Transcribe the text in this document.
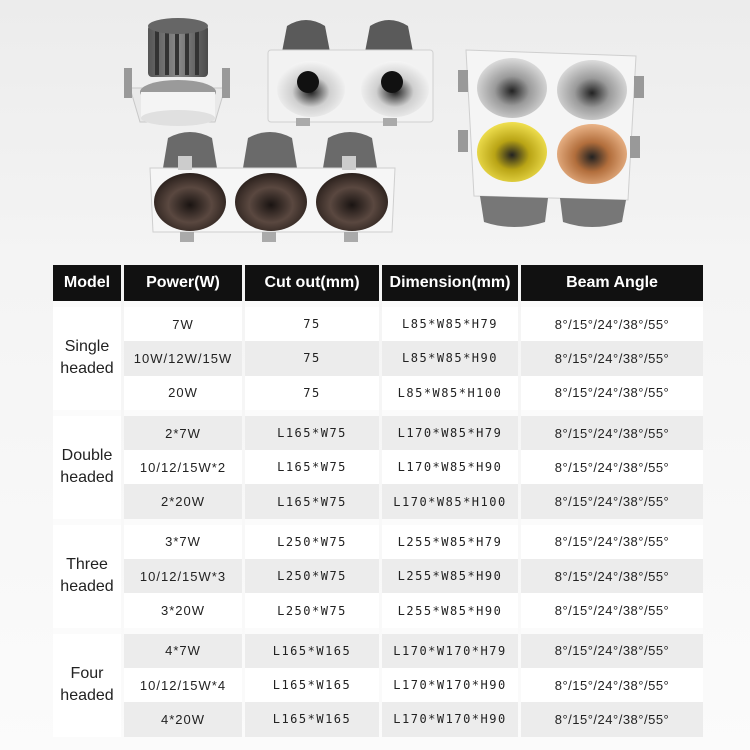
Model	Power(W)	Cut out(mm)	Dimension(mm)	Beam Angle
Single
headed	7W	75	L85*W85*H79	8°/15°/24°/38°/55°
	10W/12W/15W	75	L85*W85*H90	8°/15°/24°/38°/55°
	20W	75	L85*W85*H100	8°/15°/24°/38°/55°
Double
headed	2*7W	L165*W75	L170*W85*H79	8°/15°/24°/38°/55°
	10/12/15W*2	L165*W75	L170*W85*H90	8°/15°/24°/38°/55°
	2*20W	L165*W75	L170*W85*H100	8°/15°/24°/38°/55°
Three
headed	3*7W	L250*W75	L255*W85*H79	8°/15°/24°/38°/55°
	10/12/15W*3	L250*W75	L255*W85*H90	8°/15°/24°/38°/55°
	3*20W	L250*W75	L255*W85*H90	8°/15°/24°/38°/55°
Four
headed	4*7W	L165*W165	L170*W170*H79	8°/15°/24°/38°/55°
	10/12/15W*4	L165*W165	L170*W170*H90	8°/15°/24°/38°/55°
	4*20W	L165*W165	L170*W170*H90	8°/15°/24°/38°/55°
